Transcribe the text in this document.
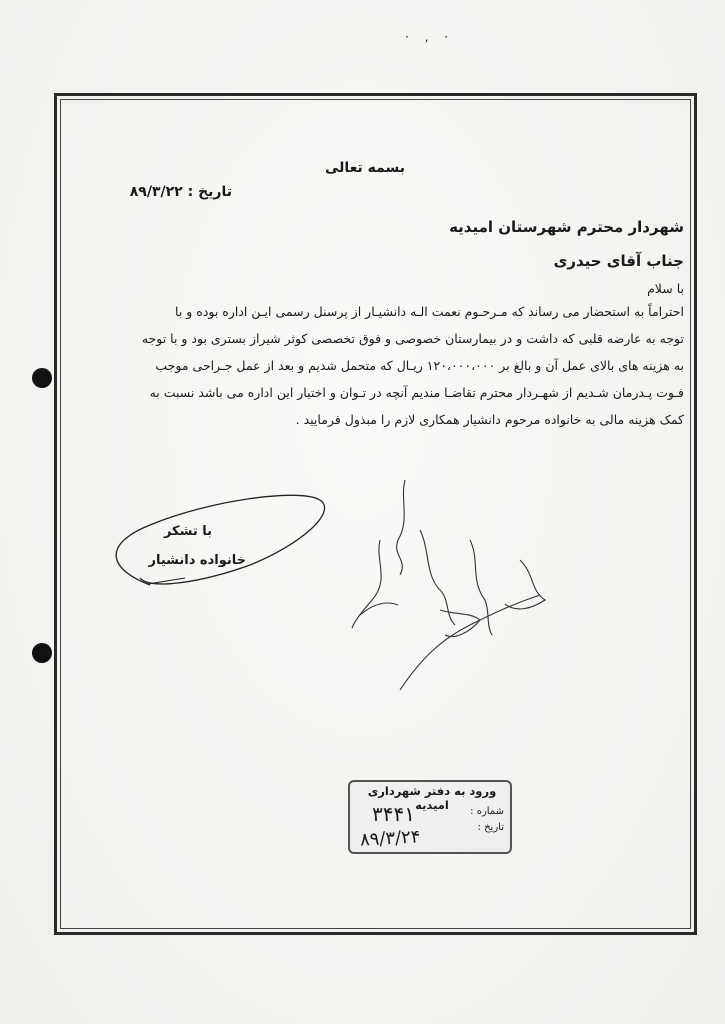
· ‚ ·
بسمه تعالی
تاریخ : ۸۹/۳/۲۲
شهردار محترم شهرستان امیدیه
جناب آقای حیدری
با سلام
احتراماً به استحضار می رساند که مـرحـوم نعمت الـه دانشیـار از پرسنل رسمی ایـن اداره بوده و با
توجه به عارضه قلبی که داشت و در بیمارستان خصوصی و فوق تخصصی کوثر شیراز بستری بود و با توجه
به هزینه های بالای عمل آن و بالغ بر ۱۲۰،۰۰۰،۰۰۰ ریـال که متحمل شدیم و بعد از عمل جـراحی موجب
فـوت پـدرمان شـدیم از شهـردار محترم تقاضـا مندیم آنچه در تـوان و اختیار این اداره می باشد نسبت به
کمک هزینه مالی به خانواده مرحوم دانشیار همکاری لازم را مبذول فرمایید .
با تشکر
خانواده دانشیار
ورود به دفتر شهرداری امیدیه	شماره :
تاریخ :
۳۴۴۱
۸۹/۳/۲۴
